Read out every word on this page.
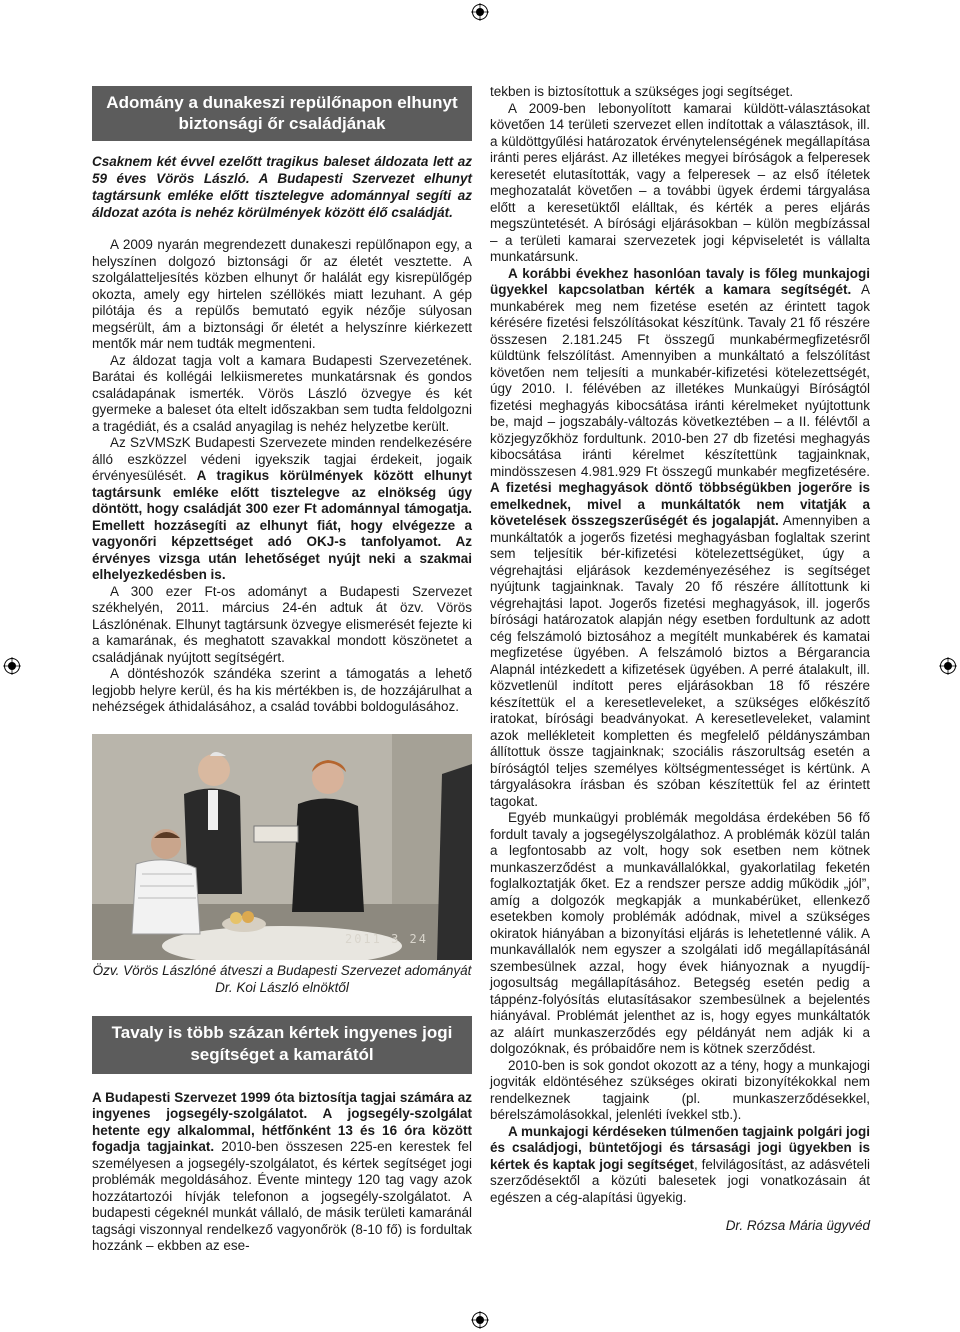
Adomány a dunakeszi repülőnapon elhunyt biztonsági őr családjának
Csaknem két évvel ezelőtt tragikus baleset áldozata lett az 59 éves Vörös László. A Budapesti Szervezet elhunyt tagtársunk emléke előtt tisztelegve adománnyal segíti az áldozat azóta is nehéz körülmények között élő családját.

A 2009 nyarán megrendezett dunakeszi repülőnapon egy, a helyszínen dolgozó biztonsági őr az életét vesztette. A szolgálatteljesítés közben elhunyt őr halálát egy kisrepülőgép okozta, amely egy hirtelen széllökés miatt lezuhant. A gép pilótája és a repülős bemutató egyik nézője súlyosan megsérült, ám a biztonsági őr életét a helyszínre kiérkezett mentők már nem tudták megmenteni.

Az áldozat tagja volt a kamara Budapesti Szervezetének. Barátai és kollégái lelkiismeretes munkatársnak és gondos családapának ismerték. Vörös László özvegye és két gyermeke a baleset óta eltelt időszakban sem tudta feldolgozni a tragédiát, és a család anyagilag is nehéz helyzetbe került.

Az SzVMSzK Budapesti Szervezete minden rendelkezésére álló eszközzel védeni igyekszik tagjai érdekeit, jogaik érvényesülését. A tragikus körülmények között elhunyt tagtársunk emléke előtt tisztelegve az elnökség úgy döntött, hogy családját 300 ezer Ft adománnyal támogatja. Emellett hozzásegíti az elhunyt fiát, hogy elvégezze a vagyonőri képzettséget adó OKJ-s tanfolyamot. Az érvényes vizsga után lehetőséget nyújt neki a szakmai elhelyezkedésben is.

A 300 ezer Ft-os adományt a Budapesti Szervezet székhelyén, 2011. március 24-én adtuk át özv. Vörös Lászlónénak. Elhunyt tagtársunk özvegye elismerését fejezte ki a kamarának, és meghatott szavakkal mondott köszönetet a családjának nyújtott segítségért.

A döntéshozók szándéka szerint a támogatás a lehető legjobb helyre kerül, és ha kis mértékben is, de hozzájárulhat a nehézségek áthidalásához, a család további boldogulásához.

2011 3 24
Özv. Vörös Lászlóné átveszi a Budapesti Szervezet adományát Dr. Koi László elnöktől
Tavaly is több százan kértek ingyenes jogi segítséget a kamarától

A Budapesti Szervezet 1999 óta biztosítja tagjai számára az ingyenes jogsegély-szolgálatot. A jogsegély-szolgálat hetente egy alkalommal, hétfőnként 13 és 16 óra között fogadja tagjainkat. 2010-ben összesen 225-en kerestek fel személyesen a jogsegély-szolgálatot, és kértek segítséget jogi problémák megoldásához. Évente mintegy 120 tag vagy azok hozzátartozói hívják telefonon a jogsegély-szolgálatot. A budapesti cégeknél munkát vállaló, de másik területi kamaránál tagsági viszonnyal rendelkező vagyonőrök (8-10 fő) is fordultak hozzánk – ekbben az ese-

tekben is biztosítottuk a szükséges jogi segítséget.

A 2009-ben lebonyolított kamarai küldött-választásokat követően 14 területi szervezet ellen indítottak a választások, ill. a küldöttgyűlési határozatok érvénytelenségének megállapítása iránti peres eljárást. Az illetékes megyei bíróságok a felperesek keresetét elutasították, vagy a felperesek – az első ítéletek meghozatalát követően – a további ügyek érdemi tárgyalása előtt a keresetüktől elálltak, és kérték a peres eljárás megszüntetését. A bírósági eljárásokban – külön megbízással – a területi kamarai szervezetek jogi képviseletét is vállalta munkatársunk.

A korábbi évekhez hasonlóan tavaly is főleg munkajogi ügyekkel kapcsolatban kérték a kamara segítségét. A munkabérek meg nem fizetése esetén az érintett tagok kérésére fizetési felszólításokat készítünk. Tavaly 21 fő részére összesen 2.181.245 Ft összegű munkabérmegfizetésről küldtünk felszólítást. Amennyiben a munkáltató a felszólítást követően nem teljesíti a munkabér-kifizetési kötelezettségét, úgy 2010. I. félévében az illetékes Munkaügyi Bíróságtól fizetési meghagyás kibocsátása iránti kérelmeket nyújtottunk be, majd – jogszabály-változás következtében – a II. félévtől a közjegyzőkhöz fordultunk. 2010-ben 27 db fizetési meghagyás kibocsátása iránti kérelmet készítettünk tagjainknak, mindösszesen 4.981.929 Ft összegű munkabér megfizetésére. A fizetési meghagyások döntő többségükben jogerőre is emelkednek, mivel a munkáltatók nem vitatják a követelések összegszerűségét és jogalapját. Amennyiben a munkáltatók a jogerős fizetési meghagyásban foglaltak szerint sem teljesítik bér-kifizetési kötelezettségüket, úgy a végrehajtási eljárások kezdeményezéséhez is segítséget nyújtunk tagjainknak. Tavaly 20 fő részére állítottunk ki végrehajtási lapot. Jogerős fizetési meghagyások, ill. jogerős bírósági határozatok alapján négy esetben fordultunk az adott cég felszámoló biztosához a megítélt munkabérek és kamatai megfizetése ügyében. A felszámoló biztos a Bérgarancia Alapnál intézkedett a kifizetések ügyében. A perré átalakult, ill. közvetlenül indított peres eljárásokban 18 fő részére készítettük el a keresetleveleket, a szükséges előkészítő iratokat, bírósági beadványokat. A keresetleveleket, valamint azok mellékleteit kompletten és megfelelő példányszámban állítottuk össze tagjainknak; szociális rászorultság esetén a bíróságtól teljes személyes költségmentességet is kértünk. A tárgyalásokra írásban és szóban készítettük fel az érintett tagokat.

Egyéb munkaügyi problémák megoldása érdekében 56 fő fordult tavaly a jogsegélyszolgálathoz. A problémák közül talán a legfontosabb az volt, hogy sok esetben nem kötnek munkaszerződést a munkavállalókkal, gyakorlatilag feketén foglalkoztatják őket. Ez a rendszer persze addig működik „jól”, amíg a dolgozók megkapják a munkabérüket, ellenkező esetekben komoly problémák adódnak, mivel a szükséges okiratok hiányában a bizonyítási eljárás is lehetetlenné válik. A munkavállalók nem egyszer a szolgálati idő megállapításánál szembesülnek azzal, hogy évek hiányoznak a nyugdíj-jogosultság megállapításához. Betegség esetén pedig a táppénz-folyósítás elutasításakor szembesülnek a bejelentés hiányával. Problémát jelenthet az is, hogy egyes munkáltatók az aláírt munkaszerződés egy példányát nem adják ki a dolgozóknak, és próbaidőre nem is kötnek szerződést.

2010-ben is sok gondot okozott az a tény, hogy a munkajogi jogviták eldöntéséhez szükséges okirati bizonyítékokkal nem rendelkeznek tagjaink (pl. munkaszerződésekkel, bérelszámolásokkal, jelenléti ívekkel stb.).

A munkajogi kérdéseken túlmenően tagjaink polgári jogi és családjogi, büntetőjogi és társasági jogi ügyekben is kértek és kaptak jogi segítséget, felvilágosítást, az adásvételi szerződésektől a közúti balesetek jogi vonatkozásain át egészen a cég-alapítási ügyekig.

Dr. Rózsa Mária ügyvéd
